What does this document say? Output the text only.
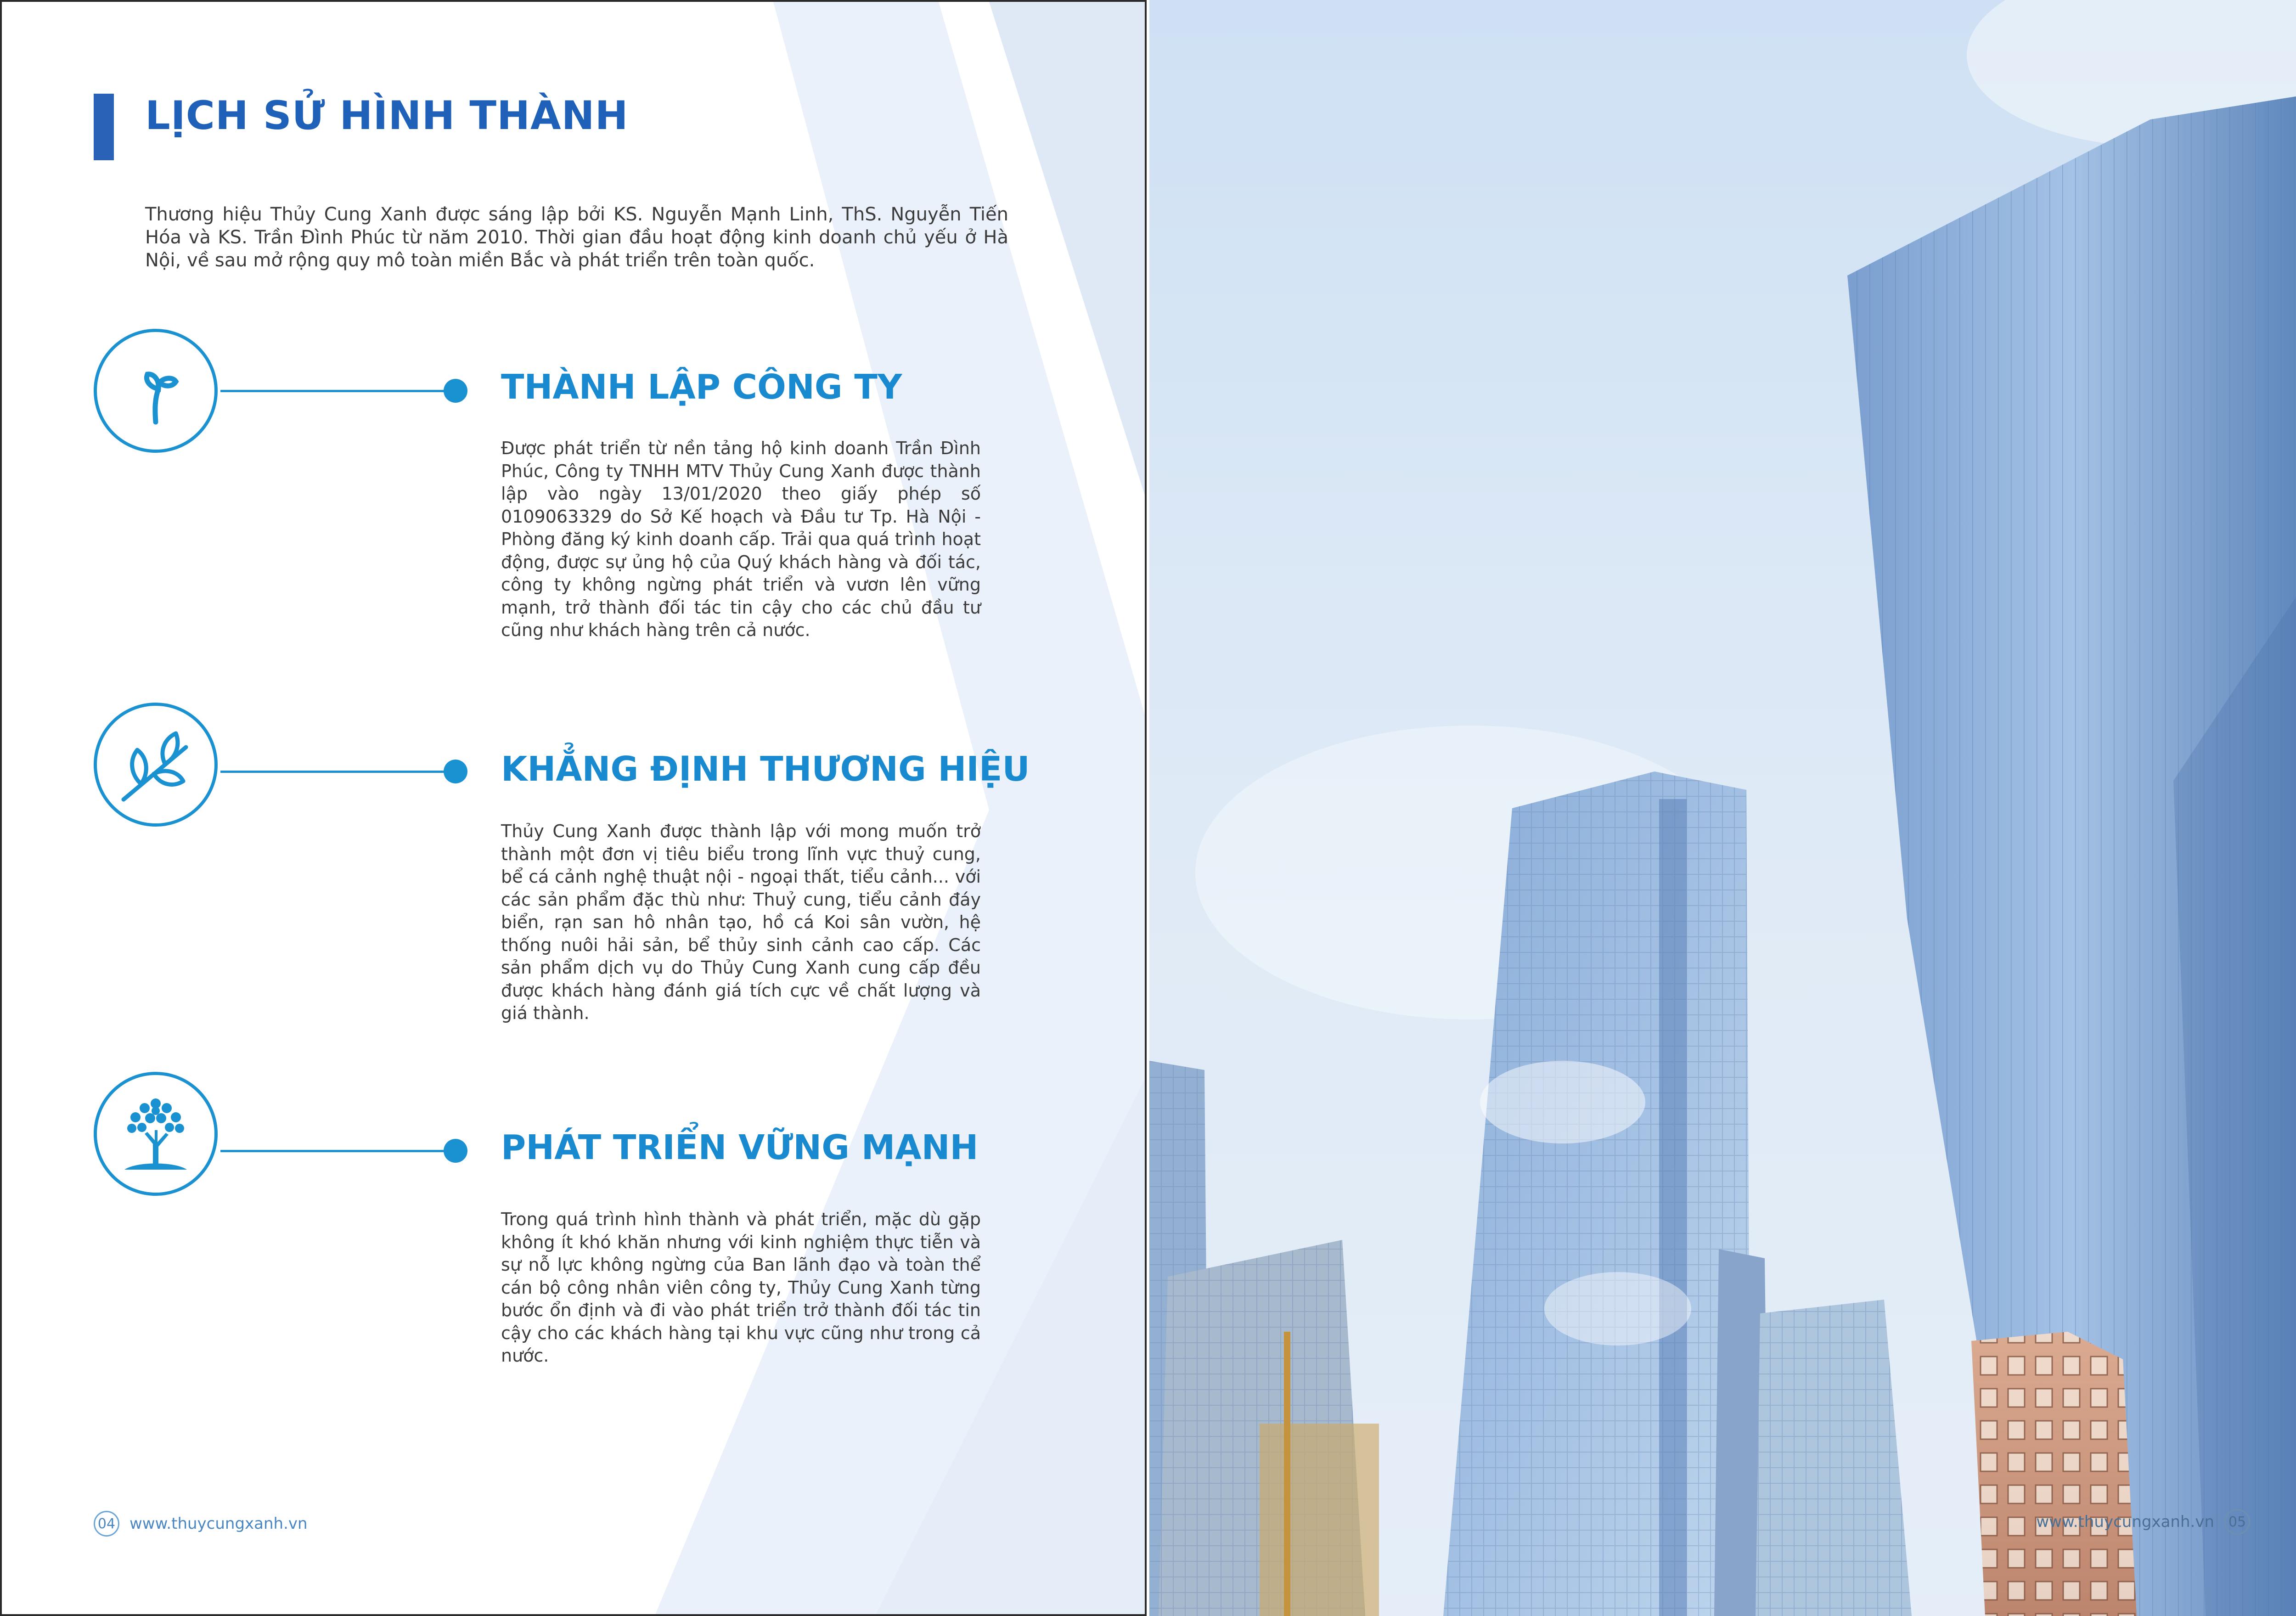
LỊCH SỬ HÌNH THÀNH
Thương hiệu Thủy Cung Xanh được sáng lập bởi KS. Nguyễn Mạnh Linh, ThS. Nguyễn Tiến Hóa và KS. Trần Đình Phúc từ năm 2010. Thời gian đầu hoạt động kinh doanh chủ yếu ở Hà Nội, về sau mở rộng quy mô toàn miền Bắc và phát triển trên toàn quốc.
THÀNH LẬP CÔNG TY
Được phát triển từ nền tảng hộ kinh doanh Trần Đình Phúc, Công ty TNHH MTV Thủy Cung Xanh được thành lập vào ngày 13/01/2020 theo giấy phép số 0109063329 do Sở Kế hoạch và Đầu tư Tp. Hà Nội - Phòng đăng ký kinh doanh cấp. Trải qua quá trình hoạt động, được sự ủng hộ của Quý khách hàng và đối tác, công ty không ngừng phát triển và vươn lên vững mạnh, trở thành đối tác tin cậy cho các chủ đầu tư cũng như khách hàng trên cả nước.
KHẲNG ĐỊNH THƯƠNG HIỆU
Thủy Cung Xanh được thành lập với mong muốn trở thành một đơn vị tiêu biểu trong lĩnh vực thuỷ cung, bể cá cảnh nghệ thuật nội - ngoại thất, tiểu cảnh... với các sản phẩm đặc thù như: Thuỷ cung, tiểu cảnh đáy biển, rạn san hô nhân tạo, hồ cá Koi sân vườn, hệ thống nuôi hải sản, bể thủy sinh cảnh cao cấp. Các sản phẩm dịch vụ do Thủy Cung Xanh cung cấp đều được khách hàng đánh giá tích cực về chất lượng và giá thành.
PHÁT TRIỂN VỮNG MẠNH
Trong quá trình hình thành và phát triển, mặc dù gặp không ít khó khăn nhưng với kinh nghiệm thực tiễn và sự nỗ lực không ngừng của Ban lãnh đạo và toàn thể cán bộ công nhân viên công ty, Thủy Cung Xanh từng bước ổn định và đi vào phát triển trở thành đối tác tin cậy cho các khách hàng tại khu vực cũng như trong cả nước.
04 www.thuycungxanh.vn	www.thuycungxanh.vn 05
